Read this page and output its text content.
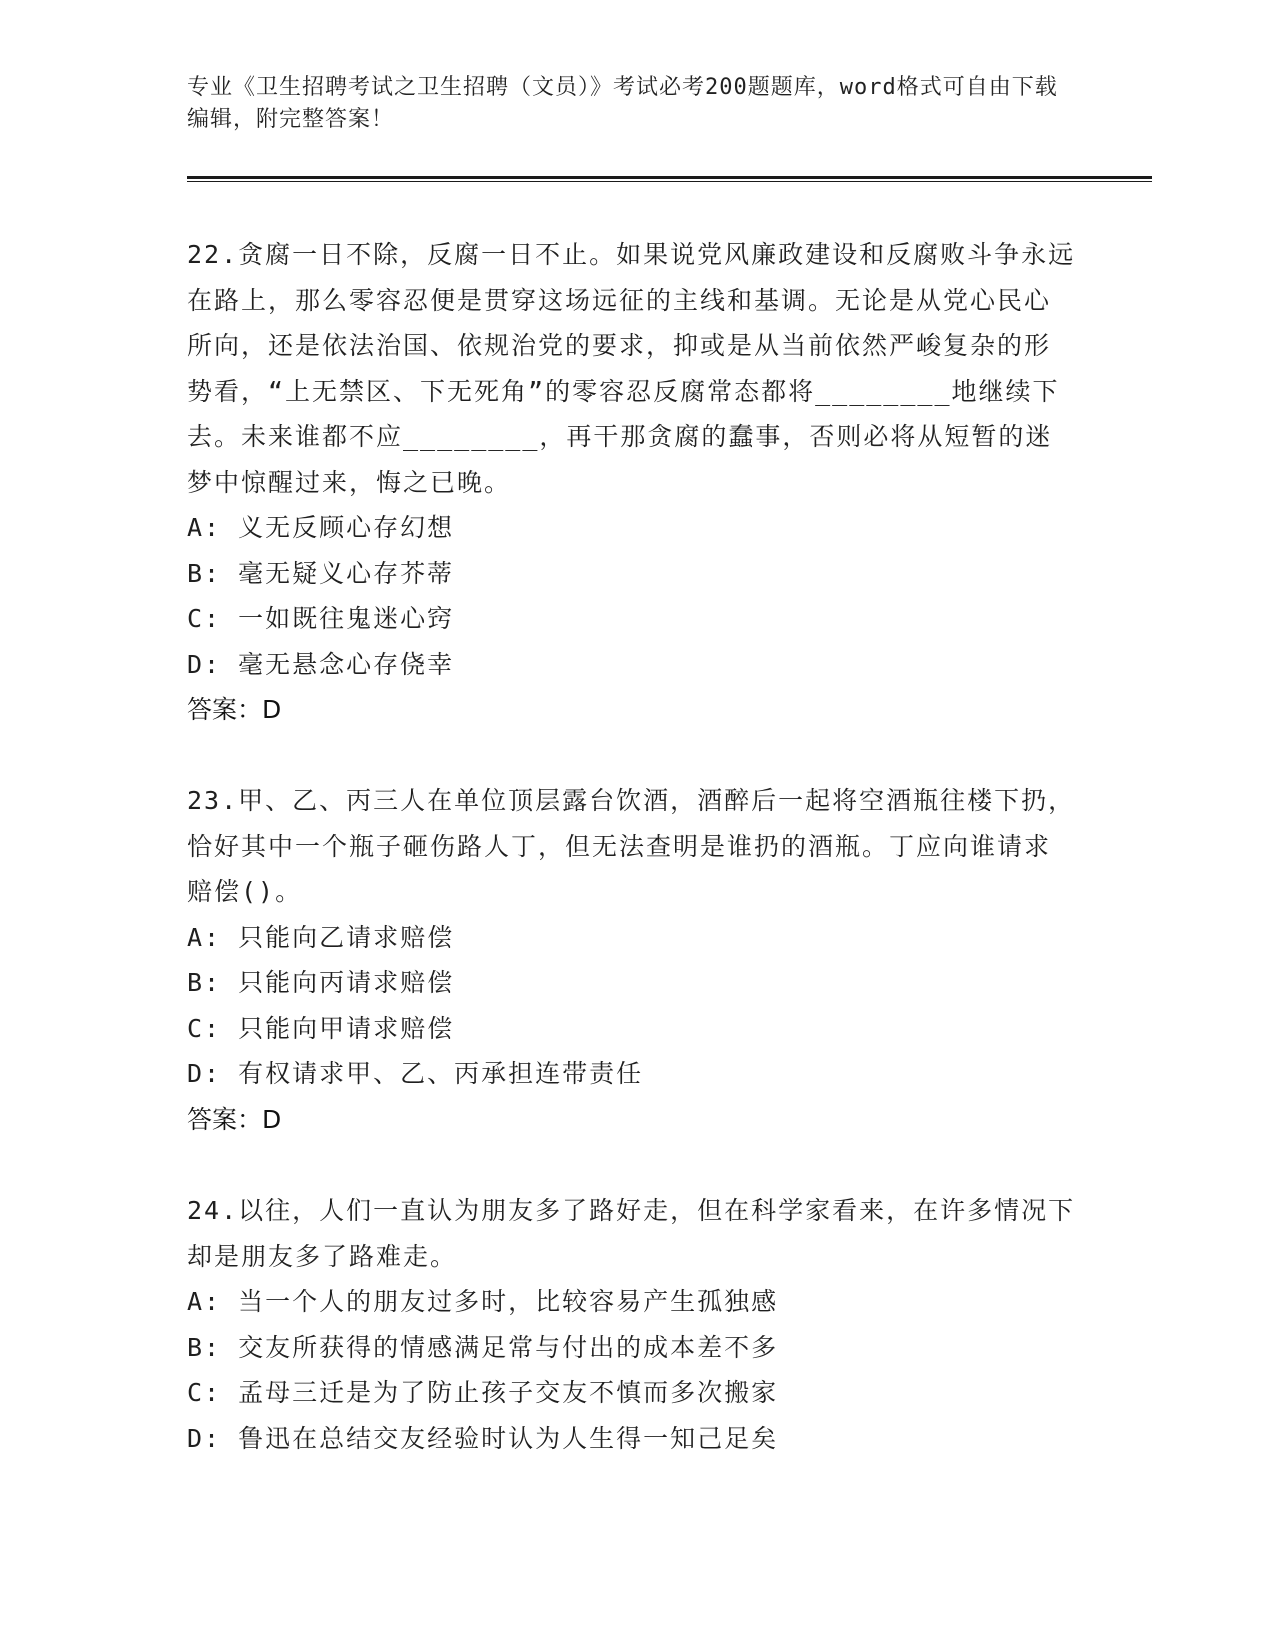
专业《卫生招聘考试之卫生招聘（文员）》考试必考200题题库，word格式可自由下载编辑，附完整答案！

22.贪腐一日不除，反腐一日不止。如果说党风廉政建设和反腐败斗争永远在路上，那么零容忍便是贯穿这场远征的主线和基调。无论是从党心民心所向，还是依法治国、依规治党的要求，抑或是从当前依然严峻复杂的形势看，“上无禁区、下无死角”的零容忍反腐常态都将________地继续下去。未来谁都不应________，再干那贪腐的蠢事，否则必将从短暂的迷梦中惊醒过来，悔之已晚。

A: 义无反顾心存幻想

B: 毫无疑义心存芥蒂

C: 一如既往鬼迷心窍

D: 毫无悬念心存侥幸

答案：D

23.甲、乙、丙三人在单位顶层露台饮酒，酒醉后一起将空酒瓶往楼下扔，恰好其中一个瓶子砸伤路人丁，但无法查明是谁扔的酒瓶。丁应向谁请求赔偿()。

A: 只能向乙请求赔偿

B: 只能向丙请求赔偿

C: 只能向甲请求赔偿

D: 有权请求甲、乙、丙承担连带责任

答案：D

24.以往，人们一直认为朋友多了路好走，但在科学家看来，在许多情况下却是朋友多了路难走。

A: 当一个人的朋友过多时，比较容易产生孤独感

B: 交友所获得的情感满足常与付出的成本差不多

C: 孟母三迁是为了防止孩子交友不慎而多次搬家

D: 鲁迅在总结交友经验时认为人生得一知己足矣
